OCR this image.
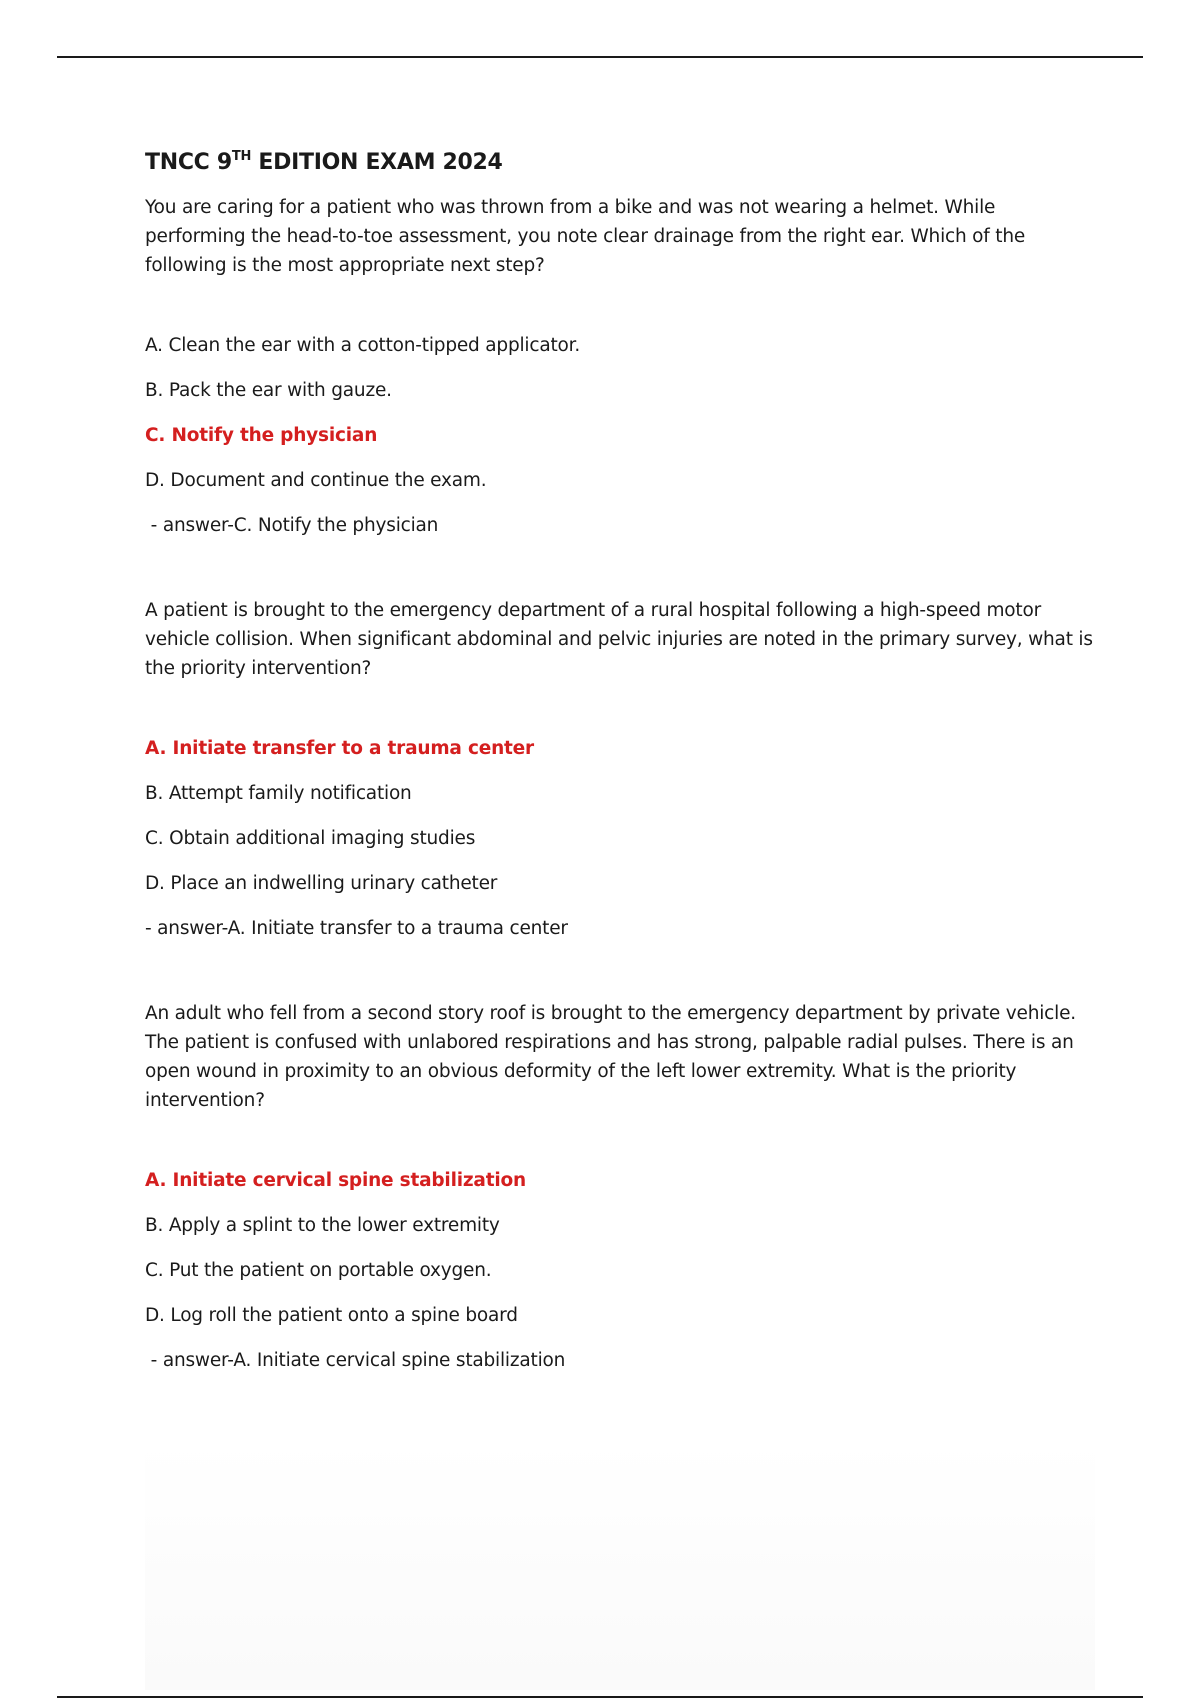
TNCC 9TH EDITION EXAM 2024

You are caring for a patient who was thrown from a bike and was not wearing a helmet. While performing the head-to-toe assessment, you note clear drainage from the right ear. Which of the following is the most appropriate next step?

A. Clean the ear with a cotton-tipped applicator.

B. Pack the ear with gauze.

C. Notify the physician

D. Document and continue the exam.

- answer-C. Notify the physician

A patient is brought to the emergency department of a rural hospital following a high-speed motor vehicle collision. When significant abdominal and pelvic injuries are noted in the primary survey, what is the priority intervention?

A. Initiate transfer to a trauma center

B. Attempt family notification

C. Obtain additional imaging studies

D. Place an indwelling urinary catheter

- answer-A. Initiate transfer to a trauma center

An adult who fell from a second story roof is brought to the emergency department by private vehicle. The patient is confused with unlabored respirations and has strong, palpable radial pulses. There is an open wound in proximity to an obvious deformity of the left lower extremity. What is the priority intervention?

A. Initiate cervical spine stabilization

B. Apply a splint to the lower extremity

C. Put the patient on portable oxygen.

D. Log roll the patient onto a spine board

- answer-A. Initiate cervical spine stabilization
